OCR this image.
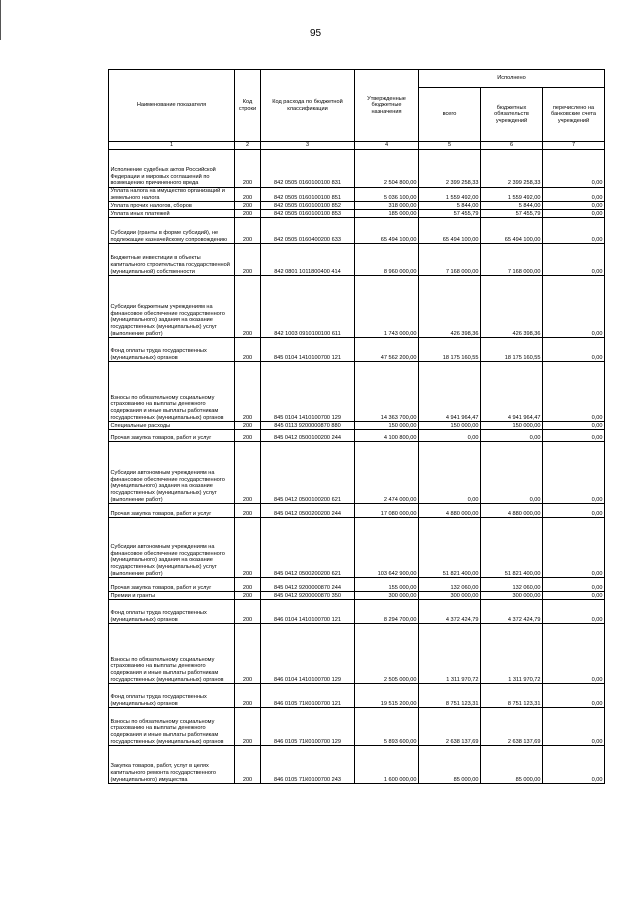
95
Наименование показателя	Код строки	Код расхода по бюджетной классификации	Утвержденные бюджетные назначения	Исполнено		
				всего	бюджетных обязательств учреждений	перечислено на банковские счета учреждений
1	2	3	4	5	6	7
Исполнение судебных актов Российской Федерации и мировых соглашений по возмещению причиненного вреда	200	842 0505 0160100100 831	2 504 800,00	2 399 258,33	2 399 258,33	0,00
Уплата налога на имущество организаций и земельного налога	200	842 0505 0160100100 851	5 036 100,00	1 559 492,00	1 559 492,00	0,00
Уплата прочих налогов, сборов	200	842 0505 0160100100 852	318 000,00	5 844,00	5 844,00	0,00
Уплата иных платежей	200	842 0505 0160100100 853	185 000,00	57 455,79	57 455,79	0,00
Субсидии (гранты в форме субсидий), не подлежащие казначейскому сопровождению	200	842 0505 0160400200 633	65 494 100,00	65 494 100,00	65 494 100,00	0,00
Бюджетные инвестиции в объекты капитального строительства государственной (муниципальной) собственности	200	842 0801 1011800400 414	8 960 000,00	7 168 000,00	7 168 000,00	0,00
Субсидии бюджетным учреждениям на финансовое обеспечение государственного (муниципального) задания на оказание государственных (муниципальных) услуг (выполнение работ)	200	842 1003 0910100100 611	1 743 000,00	426 398,36	426 398,36	0,00
Фонд оплаты труда государственных (муниципальных) органов	200	845 0104 1410100700 121	47 562 200,00	18 175 160,55	18 175 160,55	0,00
Взносы по обязательному социальному страхованию на выплаты денежного содержания и иные выплаты работникам государственных (муниципальных) органов	200	845 0104 1410100700 129	14 363 700,00	4 941 964,47	4 941 964,47	0,00
Специальные расходы	200	845 0113 9200000870 880	150 000,00	150 000,00	150 000,00	0,00
Прочая закупка товаров, работ и услуг	200	845 0412 0500100200 244	4 100 800,00	0,00	0,00	0,00
Субсидии автономным учреждениям на финансовое обеспечение государственного (муниципального) задания на оказание государственных (муниципальных) услуг (выполнение работ)	200	845 0412 0500100200 621	2 474 000,00	0,00	0,00	0,00
Прочая закупка товаров, работ и услуг	200	845 0412 0500200200 244	17 080 000,00	4 880 000,00	4 880 000,00	0,00
Субсидии автономным учреждениям на финансовое обеспечение государственного (муниципального) задания на оказание государственных (муниципальных) услуг (выполнение работ)	200	845 0412 0500200200 621	103 642 900,00	51 821 400,00	51 821 400,00	0,00
Прочая закупка товаров, работ и услуг	200	845 0412 9200000870 244	155 000,00	132 060,00	132 060,00	0,00
Премии и гранты	200	845 0412 9200000870 350	300 000,00	300 000,00	300 000,00	0,00
Фонд оплаты труда государственных (муниципальных) органов	200	846 0104 1410100700 121	8 294 700,00	4 372 424,79	4 372 424,79	0,00
Взносы по обязательному социальному страхованию на выплаты денежного содержания и иные выплаты работникам государственных (муниципальных) органов	200	846 0104 1410100700 129	2 505 000,00	1 311 970,72	1 311 970,72	0,00
Фонд оплаты труда государственных (муниципальных) органов	200	846 0105 71К0100700 121	19 515 200,00	8 751 123,31	8 751 123,31	0,00
Взносы по обязательному социальному страхованию на выплаты денежного содержания и иные выплаты работникам государственных (муниципальных) органов	200	846 0105 71К0100700 129	5 893 600,00	2 638 137,69	2 638 137,69	0,00
Закупка товаров, работ, услуг в целях капитального ремонта государственного (муниципального) имущества	200	846 0105 71К0100700 243	1 600 000,00	85 000,00	85 000,00	0,00
